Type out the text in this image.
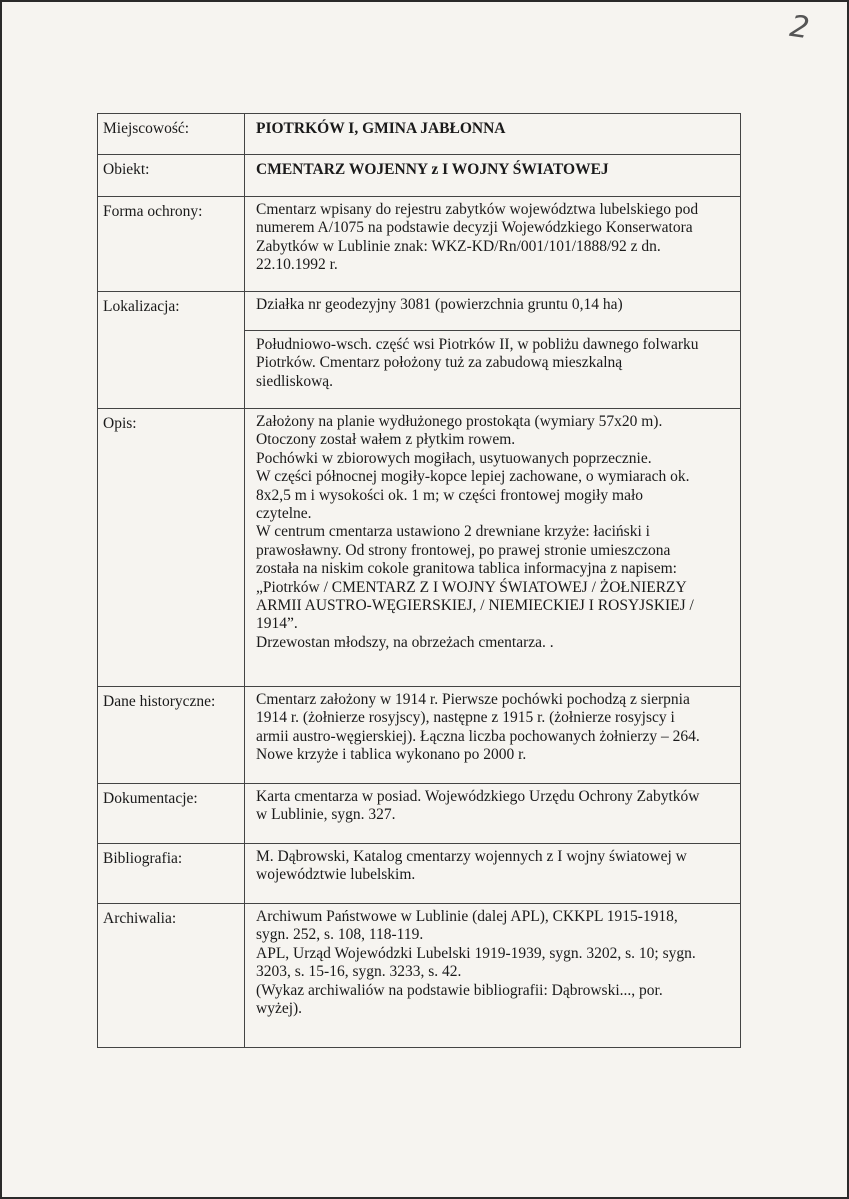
2
Miejscowość:	PIOTRKÓW I, GMINA JABŁONNA
Obiekt:	CMENTARZ WOJENNY z I WOJNY ŚWIATOWEJ
Forma ochrony:	Cmentarz wpisany do rejestru zabytków województwa lubelskiego pod
numerem A/1075 na podstawie decyzji Wojewódzkiego Konserwatora
Zabytków w Lublinie znak: WKZ-KD/Rn/001/101/1888/92 z dn.
22.10.1992 r.
Lokalizacja:	Działka nr geodezyjny 3081 (powierzchnia gruntu 0,14 ha)
Południowo-wsch. część wsi Piotrków II, w pobliżu dawnego folwarku
Piotrków. Cmentarz położony tuż za zabudową mieszkalną
siedliskową.
Opis:	Założony na planie wydłużonego prostokąta (wymiary 57x20 m).
Otoczony został wałem z płytkim rowem.
Pochówki w zbiorowych mogiłach, usytuowanych poprzecznie.
W części północnej mogiły-kopce lepiej zachowane, o wymiarach ok.
8x2,5 m i wysokości ok. 1 m; w części frontowej mogiły mało
czytelne.
W centrum cmentarza ustawiono 2 drewniane krzyże: łaciński i
prawosławny. Od strony frontowej, po prawej stronie umieszczona
została na niskim cokole granitowa tablica informacyjna z napisem:
„Piotrków / CMENTARZ Z I WOJNY ŚWIATOWEJ / ŻOŁNIERZY
ARMII AUSTRO-WĘGIERSKIEJ, / NIEMIECKIEJ I ROSYJSKIEJ /
1914”.
Drzewostan młodszy, na obrzeżach cmentarza. .
Dane historyczne:	Cmentarz założony w 1914 r. Pierwsze pochówki pochodzą z sierpnia
1914 r. (żołnierze rosyjscy), następne z 1915 r. (żołnierze rosyjscy i
armii austro-węgierskiej). Łączna liczba pochowanych żołnierzy – 264.
Nowe krzyże i tablica wykonano po 2000 r.
Dokumentacje:	Karta cmentarza w posiad. Wojewódzkiego Urzędu Ochrony Zabytków
w Lublinie, sygn. 327.
Bibliografia:	M. Dąbrowski, Katalog cmentarzy wojennych z I wojny światowej w
województwie lubelskim.
Archiwalia:	Archiwum Państwowe w Lublinie (dalej APL), CKKPL 1915-1918,
sygn. 252, s. 108, 118-119.
APL, Urząd Wojewódzki Lubelski 1919-1939, sygn. 3202, s. 10; sygn.
3203, s. 15-16, sygn. 3233, s. 42.
(Wykaz archiwaliów na podstawie bibliografii: Dąbrowski..., por.
wyżej).
